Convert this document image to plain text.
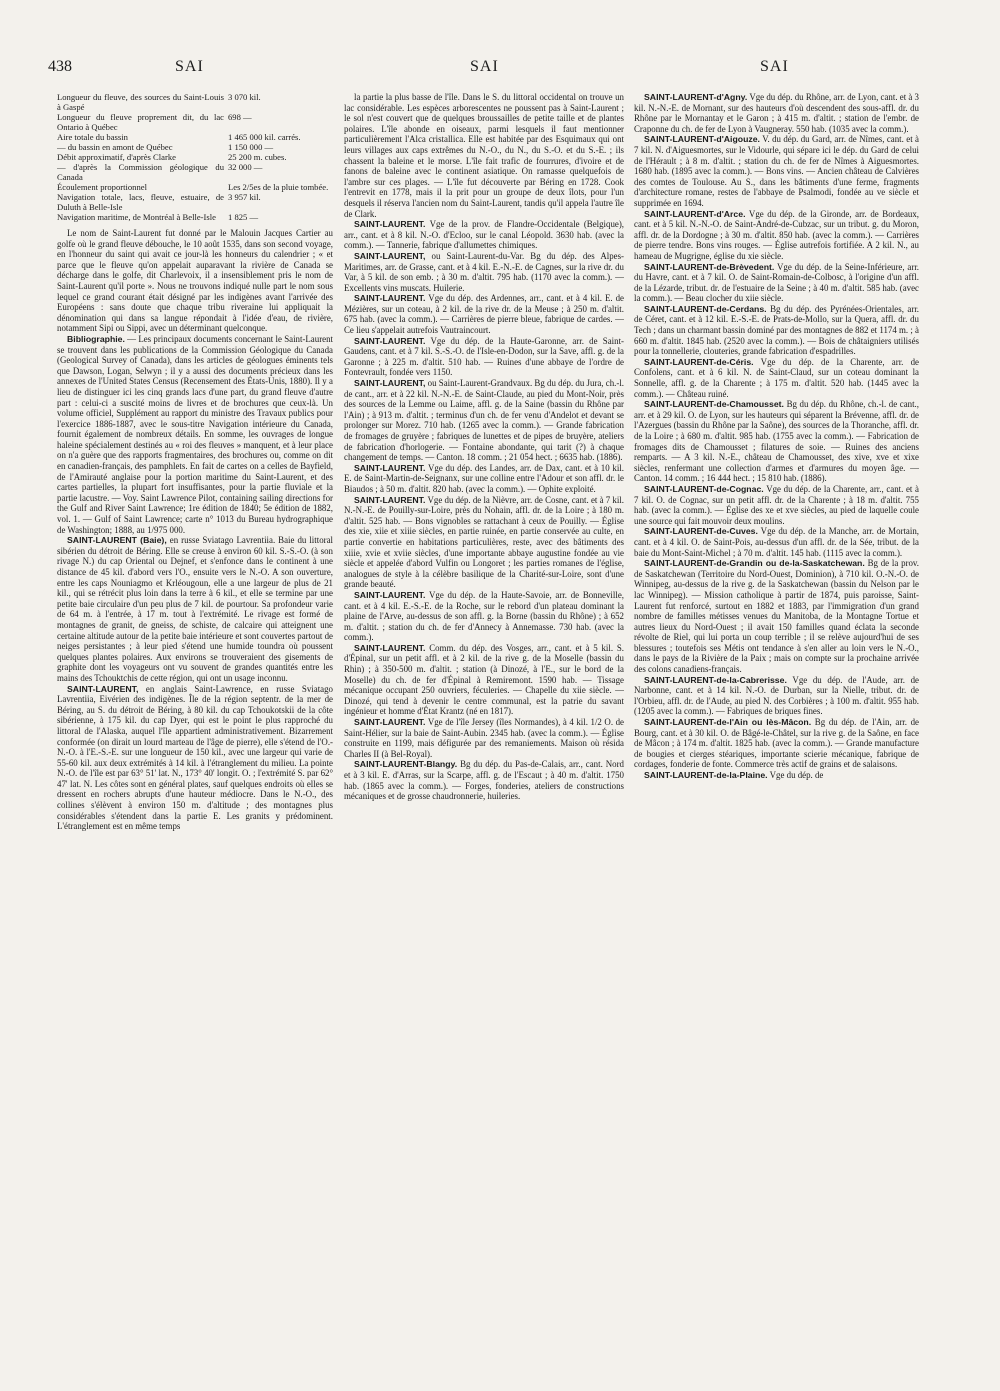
438	SAI	SAI	SAI
Longueur du fleuve, des sources du Saint-Louis à Gaspé	3 070 kil.
Longueur du fleuve proprement dit, du lac Ontario à Québec	698 —
Aire totale du bassin	1 465 000 kil. carrés.
— du bassin en amont de Québec	1 150 000 —
Débit approximatif, d'après Clarke	25 200 m. cubes.
— d'après la Commission géologique du Canada	32 000 —
Écoulement proportionnel	Les 2/5es de la pluie tombée.
Navigation totale, lacs, fleuve, estuaire, de Duluth à Belle-Isle	3 957 kil.
Navigation maritime, de Montréal à Belle-Isle	1 825 —

Le nom de Saint-Laurent fut donné par le Malouin Jacques Cartier au golfe où le grand fleuve débouche, le 10 août 1535, dans son second voyage, en l'honneur du saint qui avait ce jour-là les honneurs du calendrier ; « et parce que le fleuve qu'on appelait auparavant la rivière de Canada se décharge dans le golfe, dit Charlevoix, il a insensiblement pris le nom de Saint-Laurent qu'il porte ». Nous ne trouvons indiqué nulle part le nom sous lequel ce grand courant était désigné par les indigènes avant l'arrivée des Européens : sans doute que chaque tribu riveraine lui appliquait la dénomination qui dans sa langue répondait à l'idée d'eau, de rivière, notamment Sipi ou Sippi, avec un déterminant quelconque.

Bibliographie. — Les principaux documents concernant le Saint-Laurent se trouvent dans les publications de la Commission Géologique du Canada (Geological Survey of Canada), dans les articles de géologues éminents tels que Dawson, Logan, Selwyn ; il y a aussi des documents précieux dans les annexes de l'United States Census (Recensement des États-Unis, 1880). Il y a lieu de distinguer ici les cinq grands lacs d'une part, du grand fleuve d'autre part : celui-ci a suscité moins de livres et de brochures que ceux-là. Un volume officiel, Supplément au rapport du ministre des Travaux publics pour l'exercice 1886-1887, avec le sous-titre Navigation intérieure du Canada, fournit également de nombreux détails. En somme, les ouvrages de longue haleine spécialement destinés au « roi des fleuves » manquent, et à leur place on n'a guère que des rapports fragmentaires, des brochures ou, comme on dit en canadien-français, des pamphlets. En fait de cartes on a celles de Bayfield, de l'Amirauté anglaise pour la portion maritime du Saint-Laurent, et des cartes partielles, la plupart fort insuffisantes, pour la partie fluviale et la partie lacustre. — Voy. Saint Lawrence Pilot, containing sailing directions for the Gulf and River Saint Lawrence; 1re édition de 1840; 5e édition de 1882, vol. 1. — Gulf of Saint Lawrence; carte n° 1013 du Bureau hydrographique de Washington; 1888, au 1/975 000.

SAINT-LAURENT (Baie), en russe Sviatago Lavrentiia. Baie du littoral sibérien du détroit de Béring. Elle se creuse à environ 60 kil. S.-S.-O. (à son rivage N.) du cap Oriental ou Dejnef, et s'enfonce dans le continent à une distance de 45 kil. d'abord vers l'O., ensuite vers le N.-O. A son ouverture, entre les caps Nouniagmo et Krléougoun, elle a une largeur de plus de 21 kil., qui se rétrécit plus loin dans la terre à 6 kil., et elle se termine par une petite baie circulaire d'un peu plus de 7 kil. de pourtour. Sa profondeur varie de 64 m. à l'entrée, à 17 m. tout à l'extrémité. Le rivage est formé de montagnes de granit, de gneiss, de schiste, de calcaire qui atteignent une certaine altitude autour de la petite baie intérieure et sont couvertes partout de neiges persistantes ; à leur pied s'étend une humide toundra où poussent quelques plantes polaires. Aux environs se trouveraient des gisements de graphite dont les voyageurs ont vu souvent de grandes quantités entre les mains des Tchouktchis de cette région, qui ont un usage inconnu.

SAINT-LAURENT, en anglais Saint-Lawrence, en russe Sviatago Lavrentiia, Eivérien des indigènes. Île de la région septentr. de la mer de Béring, au S. du détroit de Béring, à 80 kil. du cap Tchoukotskii de la côte sibérienne, à 175 kil. du cap Dyer, qui est le point le plus rapproché du littoral de l'Alaska, auquel l'île appartient administrativement. Bizarrement conformée (on dirait un lourd marteau de l'âge de pierre), elle s'étend de l'O.-N.-O. à l'E.-S.-E. sur une longueur de 150 kil., avec une largeur qui varie de 55-60 kil. aux deux extrémités à 14 kil. à l'étranglement du milieu. La pointe N.-O. de l'île est par 63° 51' lat. N., 173° 40' longit. O. ; l'extrémité S. par 62° 47' lat. N. Les côtes sont en général plates, sauf quelques endroits où elles se dressent en rochers abrupts d'une hauteur médiocre. Dans le N.-O., des collines s'élèvent à environ 150 m. d'altitude ; des montagnes plus considérables s'étendent dans la partie E. Les granits y prédominent. L'étranglement est en même temps

la partie la plus basse de l'île. Dans le S. du littoral occidental on trouve un lac considérable. Les espèces arborescentes ne poussent pas à Saint-Laurent ; le sol n'est couvert que de quelques broussailles de petite taille et de plantes polaires. L'île abonde en oiseaux, parmi lesquels il faut mentionner particulièrement l'Alca cristallica. Elle est habitée par des Esquimaux qui ont leurs villages aux caps extrêmes du N.-O., du N., du S.-O. et du S.-E. ; ils chassent la baleine et le morse. L'île fait trafic de fourrures, d'ivoire et de fanons de baleine avec le continent asiatique. On ramasse quelquefois de l'ambre sur ces plages. — L'île fut découverte par Béring en 1728. Cook l'entrevit en 1778, mais il la prit pour un groupe de deux îlots, pour l'un desquels il réserva l'ancien nom du Saint-Laurent, tandis qu'il appela l'autre île de Clark.

SAINT-LAURENT. Vge de la prov. de Flandre-Occidentale (Belgique), arr., cant. et à 8 kil. N.-O. d'Ecloo, sur le canal Léopold. 3630 hab. (avec la comm.). — Tannerie, fabrique d'allumettes chimiques.

SAINT-LAURENT, ou Saint-Laurent-du-Var. Bg du dép. des Alpes-Maritimes, arr. de Grasse, cant. et à 4 kil. E.-N.-E. de Cagnes, sur la rive dr. du Var, à 5 kil. de son emb. ; à 30 m. d'altit. 795 hab. (1170 avec la comm.). — Excellents vins muscats. Huilerie.

SAINT-LAURENT. Vge du dép. des Ardennes, arr., cant. et à 4 kil. E. de Mézières, sur un coteau, à 2 kil. de la rive dr. de la Meuse ; à 250 m. d'altit. 675 hab. (avec la comm.). — Carrières de pierre bleue, fabrique de cardes. — Ce lieu s'appelait autrefois Vautraincourt.

SAINT-LAURENT. Vge du dép. de la Haute-Garonne, arr. de Saint-Gaudens, cant. et à 7 kil. S.-S.-O. de l'Isle-en-Dodon, sur la Save, affl. g. de la Garonne ; à 225 m. d'altit. 510 hab. — Ruines d'une abbaye de l'ordre de Fontevrault, fondée vers 1150.

SAINT-LAURENT, ou Saint-Laurent-Grandvaux. Bg du dép. du Jura, ch.-l. de cant., arr. et à 22 kil. N.-N.-E. de Saint-Claude, au pied du Mont-Noir, près des sources de la Lemme ou Laime, affl. g. de la Saine (bassin du Rhône par l'Ain) ; à 913 m. d'altit. ; terminus d'un ch. de fer venu d'Andelot et devant se prolonger sur Morez. 710 hab. (1265 avec la comm.). — Grande fabrication de fromages de gruyère ; fabriques de lunettes et de pipes de bruyère, ateliers de fabrication d'horlogerie. — Fontaine abondante, qui tarit (?) à chaque changement de temps. — Canton. 18 comm. ; 21 054 hect. ; 6635 hab. (1886).

SAINT-LAURENT. Vge du dép. des Landes, arr. de Dax, cant. et à 10 kil. E. de Saint-Martin-de-Seignanx, sur une colline entre l'Adour et son affl. dr. le Biaudos ; à 50 m. d'altit. 820 hab. (avec la comm.). — Ophite exploité.

SAINT-LAURENT. Vge du dép. de la Nièvre, arr. de Cosne, cant. et à 7 kil. N.-N.-E. de Pouilly-sur-Loire, près du Nohain, affl. dr. de la Loire ; à 180 m. d'altit. 525 hab. — Bons vignobles se rattachant à ceux de Pouilly. — Église des xie, xiie et xiiie siècles, en partie ruinée, en partie conservée au culte, en partie convertie en habitations particulières, reste, avec des bâtiments des xiiie, xvie et xviie siècles, d'une importante abbaye augustine fondée au vie siècle et appelée d'abord Vulfin ou Longoret ; les parties romanes de l'église, analogues de style à la célèbre basilique de la Charité-sur-Loire, sont d'une grande beauté.

SAINT-LAURENT. Vge du dép. de la Haute-Savoie, arr. de Bonneville, cant. et à 4 kil. E.-S.-E. de la Roche, sur le rebord d'un plateau dominant la plaine de l'Arve, au-dessus de son affl. g. la Borne (bassin du Rhône) ; à 652 m. d'altit. ; station du ch. de fer d'Annecy à Annemasse. 730 hab. (avec la comm.).

SAINT-LAURENT. Comm. du dép. des Vosges, arr., cant. et à 5 kil. S. d'Épinal, sur un petit affl. et à 2 kil. de la rive g. de la Moselle (bassin du Rhin) ; à 350-500 m. d'altit. ; station (à Dinozé, à l'E., sur le bord de la Moselle) du ch. de fer d'Épinal à Remiremont. 1590 hab. — Tissage mécanique occupant 250 ouvriers, féculeries. — Chapelle du xiie siècle. — Dinozé, qui tend à devenir le centre communal, est la patrie du savant ingénieur et homme d'État Krantz (né en 1817).

SAINT-LAURENT. Vge de l'île Jersey (îles Normandes), à 4 kil. 1/2 O. de Saint-Hélier, sur la baie de Saint-Aubin. 2345 hab. (avec la comm.). — Église construite en 1199, mais défigurée par des remaniements. Maison où résida Charles II (à Bel-Royal).

SAINT-LAURENT-Blangy. Bg du dép. du Pas-de-Calais, arr., cant. Nord et à 3 kil. E. d'Arras, sur la Scarpe, affl. g. de l'Escaut ; à 40 m. d'altit. 1750 hab. (1865 avec la comm.). — Forges, fonderies, ateliers de constructions mécaniques et de grosse chaudronnerie, huileries.

SAINT-LAURENT-d'Agny. Vge du dép. du Rhône, arr. de Lyon, cant. et à 3 kil. N.-N.-E. de Mornant, sur des hauteurs d'où descendent des sous-affl. dr. du Rhône par le Mornantay et le Garon ; à 415 m. d'altit. ; station de l'embr. de Craponne du ch. de fer de Lyon à Vaugneray. 550 hab. (1035 avec la comm.).

SAINT-LAURENT-d'Aigouze. V. du dép. du Gard, arr. de Nîmes, cant. et à 7 kil. N. d'Aiguesmortes, sur le Vidourle, qui sépare ici le dép. du Gard de celui de l'Hérault ; à 8 m. d'altit. ; station du ch. de fer de Nîmes à Aiguesmortes. 1680 hab. (1895 avec la comm.). — Bons vins. — Ancien château de Calvières des comtes de Toulouse. Au S., dans les bâtiments d'une ferme, fragments d'architecture romane, restes de l'abbaye de Psalmodi, fondée au ve siècle et supprimée en 1694.

SAINT-LAURENT-d'Arce. Vge du dép. de la Gironde, arr. de Bordeaux, cant. et à 5 kil. N.-N.-O. de Saint-André-de-Cubzac, sur un tribut. g. du Moron, affl. dr. de la Dordogne ; à 30 m. d'altit. 850 hab. (avec la comm.). — Carrières de pierre tendre. Bons vins rouges. — Église autrefois fortifiée. A 2 kil. N., au hameau de Mugrigne, église du xie siècle.

SAINT-LAURENT-de-Brèvedent. Vge du dép. de la Seine-Inférieure, arr. du Havre, cant. et à 7 kil. O. de Saint-Romain-de-Colbosc, à l'origine d'un affl. de la Lézarde, tribut. dr. de l'estuaire de la Seine ; à 40 m. d'altit. 585 hab. (avec la comm.). — Beau clocher du xiie siècle.

SAINT-LAURENT-de-Cerdans. Bg du dép. des Pyrénées-Orientales, arr. de Céret, cant. et à 12 kil. E.-S.-E. de Prats-de-Mollo, sur la Quera, affl. dr. du Tech ; dans un charmant bassin dominé par des montagnes de 882 et 1174 m. ; à 660 m. d'altit. 1845 hab. (2520 avec la comm.). — Bois de châtaigniers utilisés pour la tonnellerie, clouteries, grande fabrication d'espadrilles.

SAINT-LAURENT-de-Céris. Vge du dép. de la Charente, arr. de Confolens, cant. et à 6 kil. N. de Saint-Claud, sur un coteau dominant la Sonnelle, affl. g. de la Charente ; à 175 m. d'altit. 520 hab. (1445 avec la comm.). — Château ruiné.

SAINT-LAURENT-de-Chamousset. Bg du dép. du Rhône, ch.-l. de cant., arr. et à 29 kil. O. de Lyon, sur les hauteurs qui séparent la Brévenne, affl. dr. de l'Azergues (bassin du Rhône par la Saône), des sources de la Thoranche, affl. dr. de la Loire ; à 680 m. d'altit. 985 hab. (1755 avec la comm.). — Fabrication de fromages dits de Chamousset ; filatures de soie. — Ruines des anciens remparts. — A 3 kil. N.-E., château de Chamousset, des xive, xve et xixe siècles, renfermant une collection d'armes et d'armures du moyen âge. — Canton. 14 comm. ; 16 444 hect. ; 15 810 hab. (1886).

SAINT-LAURENT-de-Cognac. Vge du dép. de la Charente, arr., cant. et à 7 kil. O. de Cognac, sur un petit affl. dr. de la Charente ; à 18 m. d'altit. 755 hab. (avec la comm.). — Église des xe et xve siècles, au pied de laquelle coule une source qui fait mouvoir deux moulins.

SAINT-LAURENT-de-Cuves. Vge du dép. de la Manche, arr. de Mortain, cant. et à 4 kil. O. de Saint-Pois, au-dessus d'un affl. dr. de la Sée, tribut. de la baie du Mont-Saint-Michel ; à 70 m. d'altit. 145 hab. (1115 avec la comm.).

SAINT-LAURENT-de-Grandin ou de-la-Saskatchewan. Bg de la prov. de Saskatchewan (Territoire du Nord-Ouest, Dominion), à 710 kil. O.-N.-O. de Winnipeg, au-dessus de la rive g. de la Saskatchewan (bassin du Nelson par le lac Winnipeg). — Mission catholique à partir de 1874, puis paroisse, Saint-Laurent fut renforcé, surtout en 1882 et 1883, par l'immigration d'un grand nombre de familles métisses venues du Manitoba, de la Montagne Tortue et autres lieux du Nord-Ouest ; il avait 150 familles quand éclata la seconde révolte de Riel, qui lui porta un coup terrible ; il se relève aujourd'hui de ses blessures ; toutefois ses Métis ont tendance à s'en aller au loin vers le N.-O., dans le pays de la Rivière de la Paix ; mais on compte sur la prochaine arrivée des colons canadiens-français.

SAINT-LAURENT-de-la-Cabrerisse. Vge du dép. de l'Aude, arr. de Narbonne, cant. et à 14 kil. N.-O. de Durban, sur la Nielle, tribut. dr. de l'Orbieu, affl. dr. de l'Aude, au pied N. des Corbières ; à 100 m. d'altit. 955 hab. (1205 avec la comm.). — Fabriques de briques fines.

SAINT-LAURENT-de-l'Ain ou lès-Mâcon. Bg du dép. de l'Ain, arr. de Bourg, cant. et à 30 kil. O. de Bâgé-le-Châtel, sur la rive g. de la Saône, en face de Mâcon ; à 174 m. d'altit. 1825 hab. (avec la comm.). — Grande manufacture de bougies et cierges stéariques, importante scierie mécanique, fabrique de cordages, fonderie de fonte. Commerce très actif de grains et de salaisons.

SAINT-LAURENT-de-la-Plaine. Vge du dép. de
